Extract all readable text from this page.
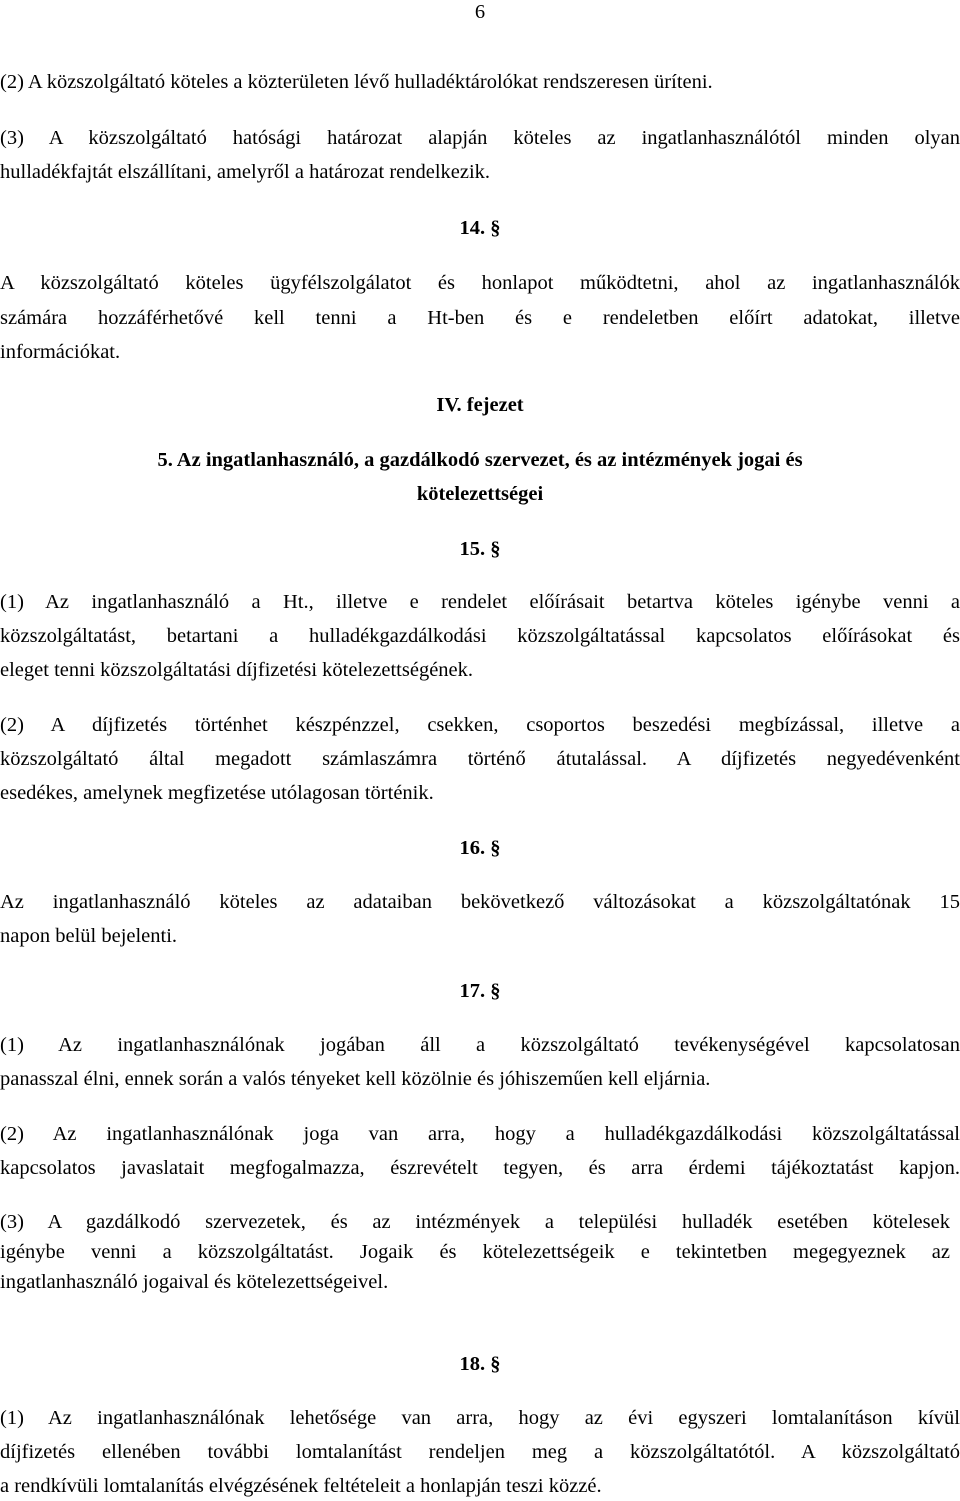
6
(2) A közszolgáltató köteles a közterületen lévő hulladéktárolókat rendszeresen üríteni.
(3) A közszolgáltató hatósági határozat alapján köteles az ingatlanhasználótól minden olyan
hulladékfajtát elszállítani, amelyről a határozat rendelkezik.
14. §
A közszolgáltató köteles ügyfélszolgálatot és honlapot működtetni, ahol az ingatlanhasználók
számára hozzáférhetővé kell tenni a Ht-ben és e rendeletben előírt adatokat, illetve
információkat.
IV. fejezet
5. Az ingatlanhasználó, a gazdálkodó szervezet, és az intézmények jogai és
kötelezettségei
15. §
(1) Az ingatlanhasználó a Ht., illetve e rendelet előírásait betartva köteles igénybe venni a
közszolgáltatást, betartani a hulladékgazdálkodási közszolgáltatással kapcsolatos előírásokat és
eleget tenni közszolgáltatási díjfizetési kötelezettségének.
(2) A díjfizetés történhet készpénzzel, csekken, csoportos beszedési megbízással, illetve a
közszolgáltató által megadott számlaszámra történő átutalással. A díjfizetés negyedévenként
esedékes, amelynek megfizetése utólagosan történik.
16. §
Az ingatlanhasználó köteles az adataiban bekövetkező változásokat a közszolgáltatónak 15
napon belül bejelenti.
17. §
(1) Az ingatlanhasználónak jogában áll a közszolgáltató tevékenységével kapcsolatosan
panasszal élni, ennek során a valós tényeket kell közölnie és jóhiszeműen kell eljárnia.
(2) Az ingatlanhasználónak joga van arra, hogy a hulladékgazdálkodási közszolgáltatással
kapcsolatos javaslatait megfogalmazza, észrevételt tegyen, és arra érdemi tájékoztatást kapjon.
(3) A gazdálkodó szervezetek, és az intézmények a települési hulladék esetében kötelesek
igénybe venni a közszolgáltatást. Jogaik és kötelezettségeik e tekintetben megegyeznek az
ingatlanhasználó jogaival és kötelezettségeivel.
18. §
(1) Az ingatlanhasználónak lehetősége van arra, hogy az évi egyszeri lomtalanításon kívül
díjfizetés ellenében további lomtalanítást rendeljen meg a közszolgáltatótól. A közszolgáltató
a rendkívüli lomtalanítás elvégzésének feltételeit a honlapján teszi közzé.
